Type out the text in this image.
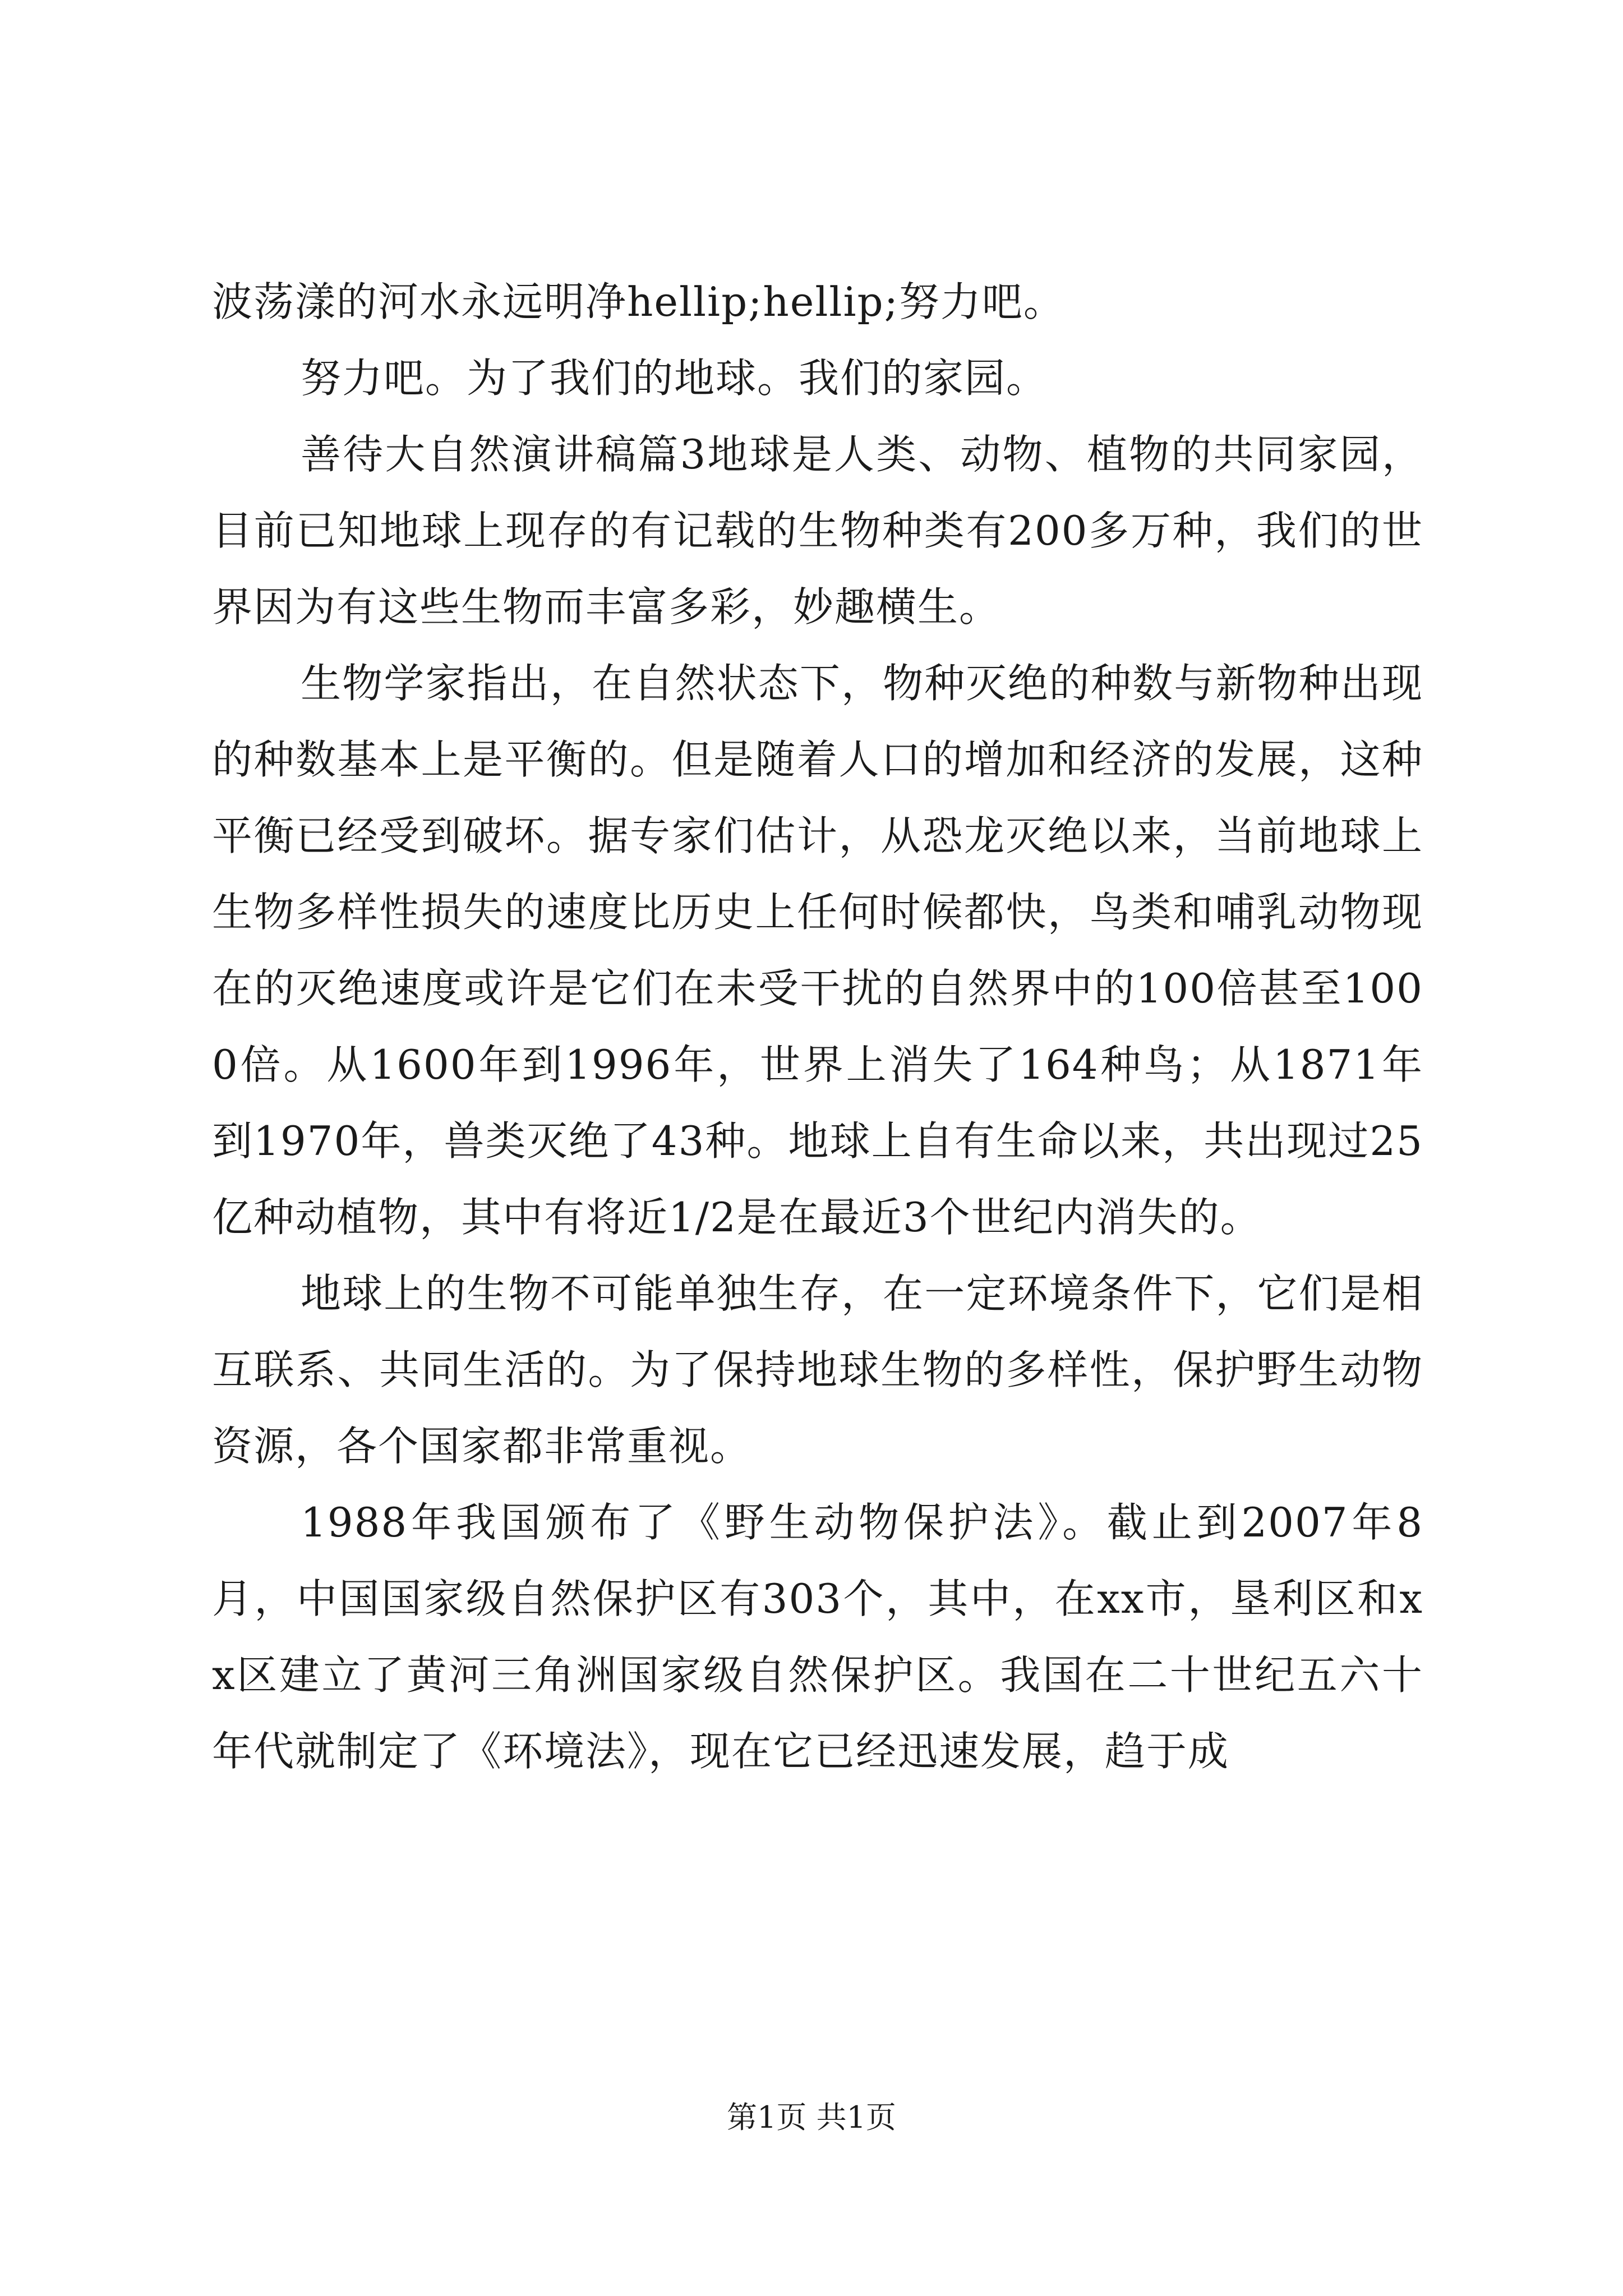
波荡漾的河水永远明净hellip;hellip;努力吧。

努力吧。为了我们的地球。我们的家园。

善待大自然演讲稿篇3地球是人类、动物、植物的共同家园，目前已知地球上现存的有记载的生物种类有200多万种，我们的世界因为有这些生物而丰富多彩，妙趣横生。

生物学家指出，在自然状态下，物种灭绝的种数与新物种出现的种数基本上是平衡的。但是随着人口的增加和经济的发展，这种平衡已经受到破坏。据专家们估计，从恐龙灭绝以来，当前地球上生物多样性损失的速度比历史上任何时候都快，鸟类和哺乳动物现在的灭绝速度或许是它们在未受干扰的自然界中的100倍甚至1000倍。从1600年到1996年，世界上消失了164种鸟；从1871年到1970年，兽类灭绝了43种。地球上自有生命以来，共出现过25亿种动植物，其中有将近1/2是在最近3个世纪内消失的。

地球上的生物不可能单独生存，在一定环境条件下，它们是相互联系、共同生活的。为了保持地球生物的多样性，保护野生动物资源，各个国家都非常重视。

1988年我国颁布了《野生动物保护法》。截止到2007年8月，中国国家级自然保护区有303个，其中，在xx市，垦利区和xx区建立了黄河三角洲国家级自然保护区。我国在二十世纪五六十年代就制定了《环境法》，现在它已经迅速发展，趋于成

第1页 共1页
